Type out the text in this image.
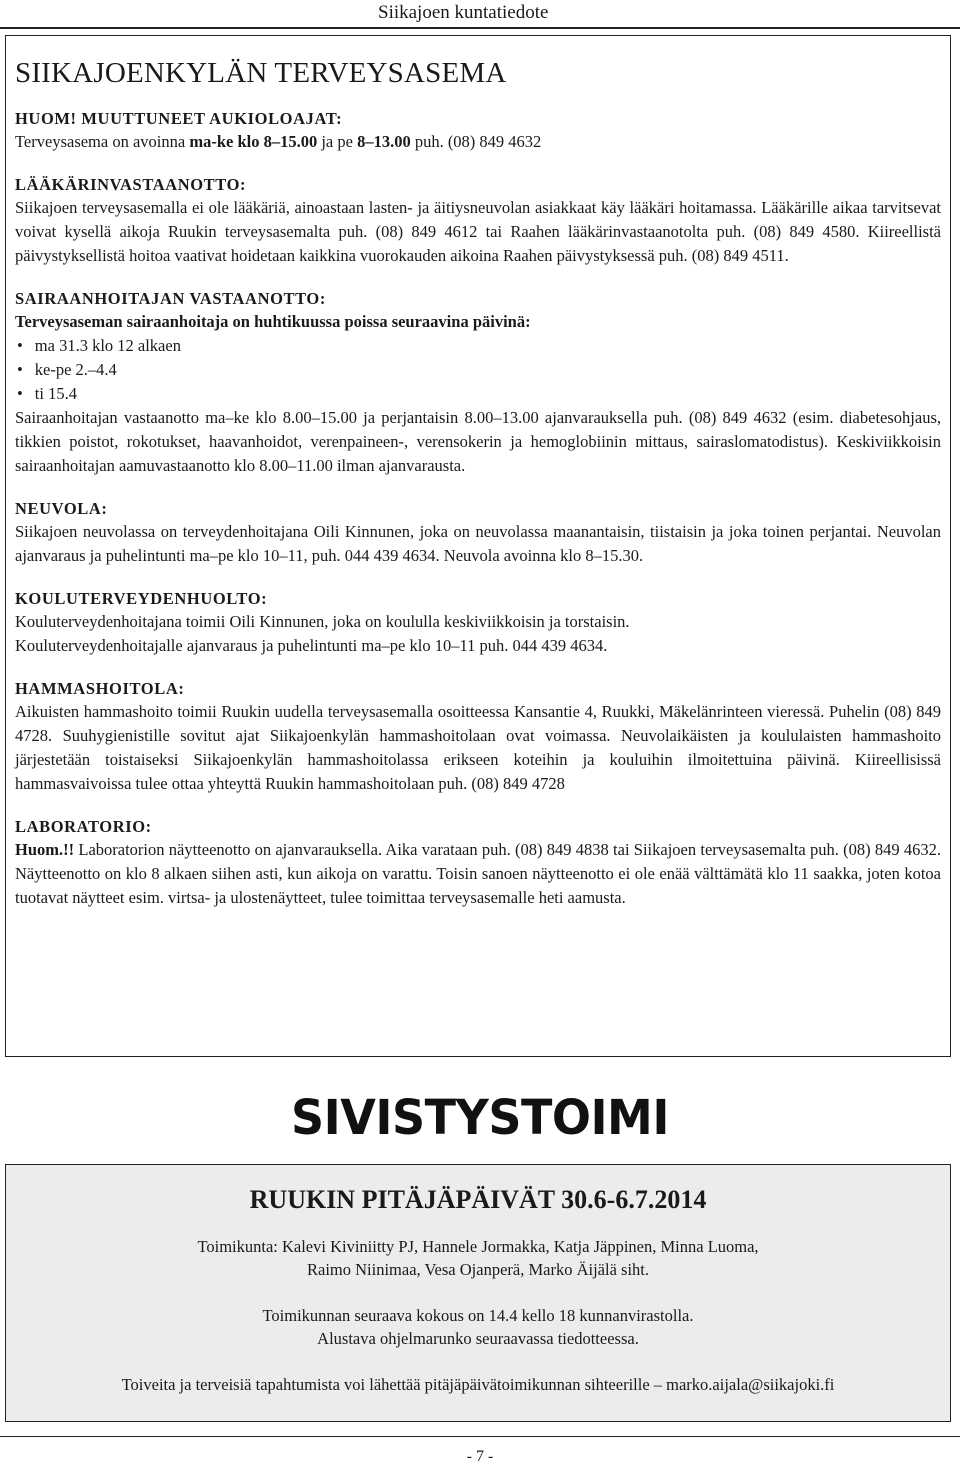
Siikajoen kuntatiedote
SIIKAJOENKYLÄN TERVEYSASEMA
HUOM! MUUTTUNEET AUKIOLOAJAT:

Terveysasema on avoinna ma-ke klo 8–15.00 ja pe 8–13.00 puh. (08) 849 4632

LÄÄKÄRINVASTAANOTTO:

Siikajoen terveysasemalla ei ole lääkäriä, ainoastaan lasten- ja äitiysneuvolan asiakkaat käy lääkäri hoitamassa. Lääkärille aikaa tarvitsevat voivat kysellä aikoja Ruukin terveysasemalta puh. (08) 849 4612 tai Raahen lääkärinvastaanotolta puh. (08) 849 4580. Kiireellistä päivystyksellistä hoitoa vaativat hoidetaan kaikkina vuorokauden aikoina Raahen päivystyksessä puh. (08) 849 4511.

SAIRAANHOITAJAN VASTAANOTTO:

Terveysaseman sairaanhoitaja on huhtikuussa poissa seuraavina päivinä:

• ma 31.3 klo 12 alkaen
• ke-pe 2.–4.4
• ti 15.4

Sairaanhoitajan vastaanotto ma–ke klo 8.00–15.00 ja perjantaisin 8.00–13.00 ajanvarauksella puh. (08) 849 4632 (esim. diabetesohjaus, tikkien poistot, rokotukset, haavanhoidot, verenpaineen-, verensokerin ja hemoglobiinin mittaus, sairaslomatodistus). Keskiviikkoisin sairaanhoitajan aamuvastaanotto klo 8.00–11.00 ilman ajanvarausta.

NEUVOLA:

Siikajoen neuvolassa on terveydenhoitajana Oili Kinnunen, joka on neuvolassa maanantaisin, tiistaisin ja joka toinen perjantai. Neuvolan ajanvaraus ja puhelintunti ma–pe klo 10–11, puh. 044 439 4634. Neuvola avoinna klo 8–15.30.

KOULUTERVEYDENHUOLTO:

Kouluterveydenhoitajana toimii Oili Kinnunen, joka on koululla keskiviikkoisin ja torstaisin.

Kouluterveydenhoitajalle ajanvaraus ja puhelintunti ma–pe klo 10–11 puh. 044 439 4634.

HAMMASHOITOLA:

Aikuisten hammashoito toimii Ruukin uudella terveysasemalla osoitteessa Kansantie 4, Ruukki, Mäkelänrinteen vieressä. Puhelin (08) 849 4728. Suuhygienistille sovitut ajat Siikajoenkylän hammashoitolaan ovat voimassa. Neuvolaikäisten ja koululaisten hammashoito järjestetään toistaiseksi Siikajoenkylän hammashoitolassa erikseen koteihin ja kouluihin ilmoitettuina päivinä. Kiireellisissä hammasvaivoissa tulee ottaa yhteyttä Ruukin hammashoitolaan puh. (08) 849 4728

LABORATORIO:

Huom.!! Laboratorion näytteenotto on ajanvarauksella. Aika varataan puh. (08) 849 4838 tai Siikajoen terveysasemalta puh. (08) 849 4632. Näytteenotto on klo 8 alkaen siihen asti, kun aikoja on varattu. Toisin sanoen näytteenotto ei ole enää välttämätä klo 11 saakka, joten kotoa tuotavat näytteet esim. virtsa- ja ulostenäytteet, tulee toimittaa terveysasemalle heti aamusta.

SIVISTYSTOIMI
RUUKIN PITÄJÄPÄIVÄT 30.6-6.7.2014

Toimikunta: Kalevi Kiviniitty PJ, Hannele Jormakka, Katja Jäppinen, Minna Luoma,

Raimo Niinimaa, Vesa Ojanperä, Marko Äijälä siht.

Toimikunnan seuraava kokous on 14.4 kello 18 kunnanvirastolla.

Alustava ohjelmarunko seuraavassa tiedotteessa.

Toiveita ja terveisiä tapahtumista voi lähettää pitäjäpäivätoimikunnan sihteerille – marko.aijala@siikajoki.fi

- 7 -
